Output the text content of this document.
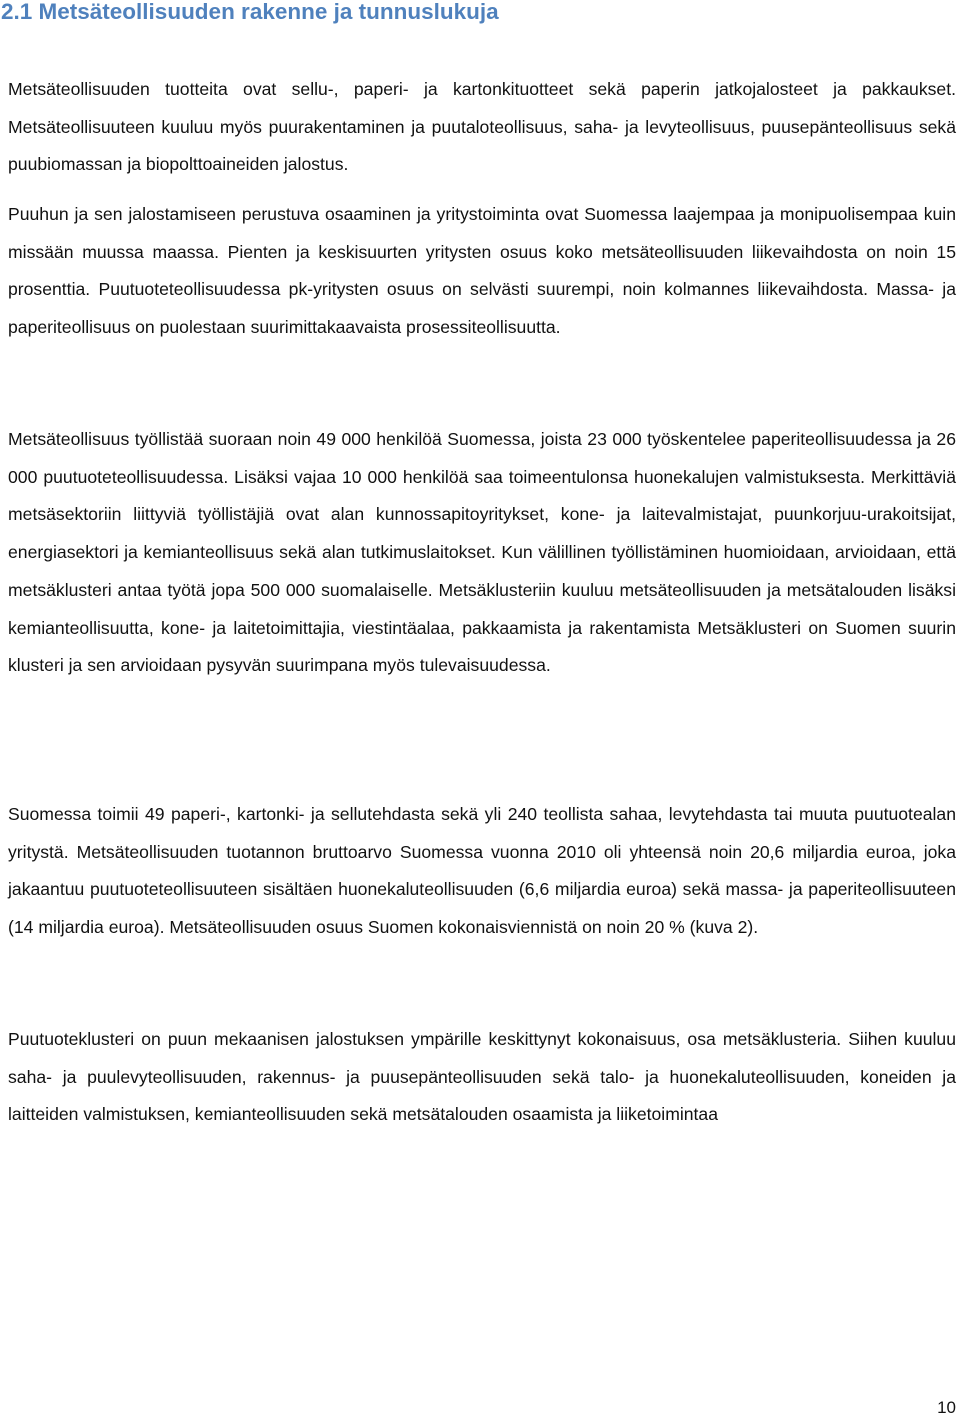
2.1 Metsäteollisuuden rakenne ja tunnuslukuja

Metsäteollisuuden tuotteita ovat sellu-, paperi- ja kartonkituotteet sekä paperin jatkojalosteet ja pakkaukset. Metsäteollisuuteen kuuluu myös puurakentaminen ja puutaloteollisuus, saha- ja levyteollisuus, puusepänteollisuus sekä puubiomassan ja biopolttoaineiden jalostus.

Puuhun ja sen jalostamiseen perustuva osaaminen ja yritystoiminta ovat Suomessa laajempaa ja monipuolisempaa kuin missään muussa maassa. Pienten ja keskisuurten yritysten osuus koko metsäteollisuuden liikevaihdosta on noin 15 prosenttia. Puutuoteteollisuudessa pk-yritysten osuus on selvästi suurempi, noin kolmannes liikevaihdosta. Massa- ja paperiteollisuus on puolestaan suurimittakaavaista prosessiteollisuutta.

Metsäteollisuus työllistää suoraan noin 49 000 henkilöä Suomessa, joista 23 000 työskentelee paperiteollisuudessa ja 26 000 puutuoteteollisuudessa. Lisäksi vajaa 10 000 henkilöä saa toimeentulonsa huonekalujen valmistuksesta. Merkittäviä metsäsektoriin liittyviä työllistäjiä ovat alan kunnossapitoyritykset, kone- ja laitevalmistajat, puunkorjuu-urakoitsijat, energiasektori ja kemianteollisuus sekä alan tutkimuslaitokset. Kun välillinen työllistäminen huomioidaan, arvioidaan, että metsäklusteri antaa työtä jopa 500 000 suomalaiselle. Metsäklusteriin kuuluu metsäteollisuuden ja metsätalouden lisäksi kemianteollisuutta, kone- ja laitetoimittajia, viestintäalaa, pakkaamista ja rakentamista Metsäklusteri on Suomen suurin klusteri ja sen arvioidaan pysyvän suurimpana myös tulevaisuudessa.

Suomessa toimii 49 paperi-, kartonki- ja sellutehdasta sekä yli 240 teollista sahaa, levytehdasta tai muuta puutuotealan yritystä. Metsäteollisuuden tuotannon bruttoarvo Suomessa vuonna 2010 oli yhteensä noin 20,6 miljardia euroa, joka jakaantuu puutuoteteollisuuteen sisältäen huonekaluteollisuuden (6,6 miljardia euroa) sekä massa- ja paperiteollisuuteen (14 miljardia euroa). Metsäteollisuuden osuus Suomen kokonaisviennistä on noin 20 % (kuva 2).

Puutuoteklusteri on puun mekaanisen jalostuksen ympärille keskittynyt kokonaisuus, osa metsäklusteria. Siihen kuuluu saha- ja puulevyteollisuuden, rakennus- ja puusepänteollisuuden sekä talo- ja huonekaluteollisuuden, koneiden ja laitteiden valmistuksen, kemianteollisuuden sekä metsätalouden osaamista ja liiketoimintaa

10
